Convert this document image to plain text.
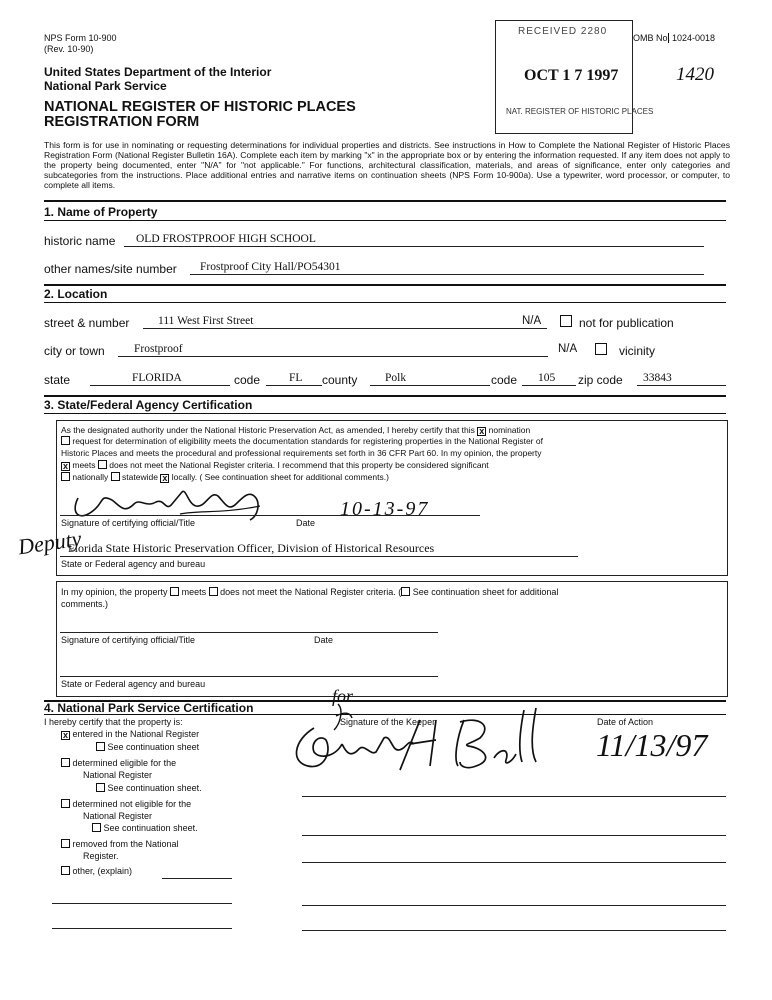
NPS Form 10-900
(Rev. 10-90)
RECEIVED 2280
OCT 1 7 1997
NAT. REGISTER OF HISTORIC PLACES
OMB No. 1024-0018
1420
United States Department of the Interior
National Park Service
NATIONAL REGISTER OF HISTORIC PLACES
REGISTRATION FORM
This form is for use in nominating or requesting determinations for individual properties and districts. See instructions in How to Complete the National Register of Historic Places Registration Form (National Register Bulletin 16A). Complete each item by marking "x" in the appropriate box or by entering the information requested. If any item does not apply to the property being documented, enter "N/A" for "not applicable." For functions, architectural classification, materials, and areas of significance, enter only categories and subcategories from the instructions. Place additional entries and narrative items on continuation sheets (NPS Form 10-900a). Use a typewriter, word processor, or computer, to complete all items.
1. Name of Property
historic name OLD FROSTPROOF HIGH SCHOOL
other names/site number Frostproof City Hall/PO54301
2. Location
street & number 111 West First Street	N/A	not for publication
city or town	Frostproof	N/A	vicinity
state	FLORIDA	code	FL county Polk	code 105 zip code 33843
3. State/Federal Agency Certification
As the designated authority under the National Historic Preservation Act, as amended, I hereby certify that this x nomination
request for determination of eligibility meets the documentation standards for registering properties in the National Register of
Historic Places and meets the procedural and professional requirements set forth in 36 CFR Part 60. In my opinion, the property
x meets does not meet the National Register criteria. I recommend that this property be considered significant
nationally statewide x locally. ( See continuation sheet for additional comments.)
10-13-97
Signature of certifying official/Title	Date
Florida State Historic Preservation Officer, Division of Historical Resources
State or Federal agency and bureau
Deputy
In my opinion, the property meets does not meet the National Register criteria. ( See continuation sheet for additional
comments.)
Signature of certifying official/Title	Date
State or Federal agency and bureau
4. National Park Service Certification
I hereby certify that the property is:	Signature of the Keeper	Date of Action
for
x entered in the National Register
See continuation sheet
determined eligible for the
National Register
See continuation sheet.
determined not eligible for the
National Register
See continuation sheet.
removed from the National
Register.
other, (explain)
11/13/97
